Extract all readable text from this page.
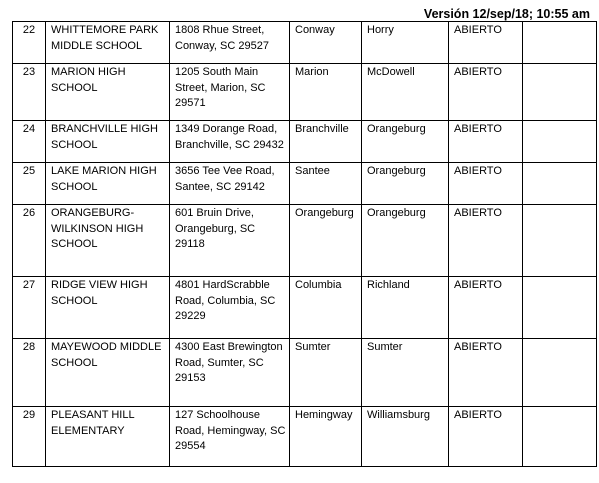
Versión 12/sep/18; 10:55 am
22	WHITTEMORE PARK MIDDLE SCHOOL	1808 Rhue Street, Conway, SC 29527	Conway	Horry	ABIERTO	
23	MARION HIGH SCHOOL	1205 South Main Street, Marion, SC 29571	Marion	McDowell	ABIERTO	
24	BRANCHVILLE HIGH SCHOOL	1349 Dorange Road, Branchville, SC 29432	Branchville	Orangeburg	ABIERTO	
25	LAKE MARION HIGH SCHOOL	3656 Tee Vee Road, Santee, SC 29142	Santee	Orangeburg	ABIERTO	
26	ORANGEBURG-WILKINSON HIGH SCHOOL	601 Bruin Drive, Orangeburg, SC 29118	Orangeburg	Orangeburg	ABIERTO	
27	RIDGE VIEW HIGH SCHOOL	4801 HardScrabble Road, Columbia, SC 29229	Columbia	Richland	ABIERTO	
28	MAYEWOOD MIDDLE SCHOOL	4300 East Brewington Road, Sumter, SC 29153	Sumter	Sumter	ABIERTO	
29	PLEASANT HILL ELEMENTARY	127 Schoolhouse Road, Hemingway, SC 29554	Hemingway	Williamsburg	ABIERTO	
